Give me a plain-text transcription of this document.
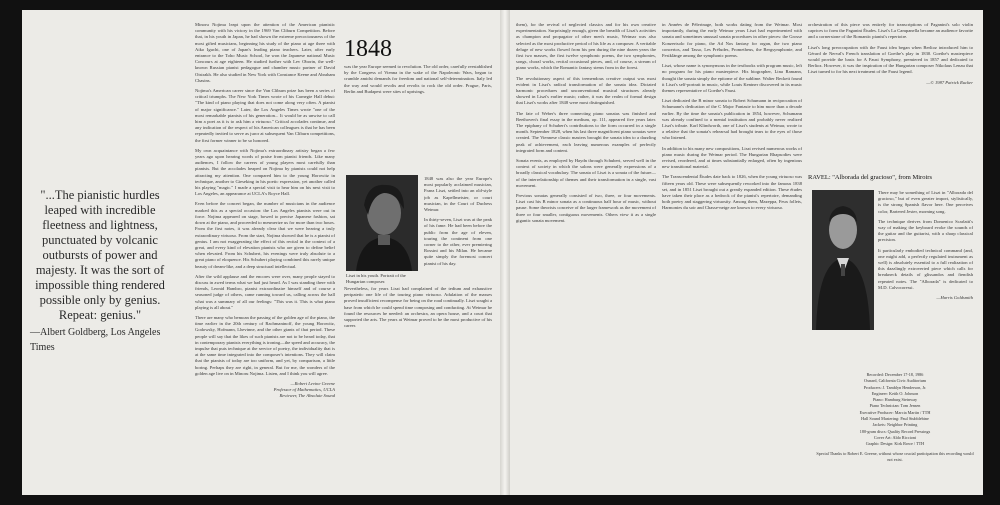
"...The pianistic hurdles leaped with incredible fleetness and lightness, punctuated by volcanic outbursts of power and majesty. It was the sort of impossible thing rendered possible only by genius. Repeat: genius."
—Albert Goldberg, Los Angeles Times

Minoru Nojima leapt upon the attention of the American pianistic community with his victory in the 1969 Van Cliburn Competition. Before that, in his youth in Japan, he had shown the extreme precociousness of the most gifted musicians, beginning his study of the piano at age three with Aiko Iguchi, one of Japan's leading piano teachers. Later, after early entrance to the Toho Music School, he won the Japanese national Music Concours at age eighteen. He studied further with Lev Oborin, the well-known Russian pianist pedagogue and chamber music partner of David Oistrakh. He also studied in New York with Constance Keene and Abraham Chasins.

Nojima's American career since the Van Cliburn prize has been a series of critical triumphs. The New York Times wrote of his Carnegie Hall debut: "The kind of piano playing that does not come along very often. A pianist of major significance." Later, the Los Angeles Times wrote "one of the most remarkable pianists of his generation... It would be as unwise to call him a poet as it is to ask him a virtuoso." Critical accolades continue, and any indication of the respect of his American colleagues is that he has been repeatedly invited to serve as juror at subsequent Van Cliburn competitions, the first former winner to be so honored.

My own acquaintance with Nojima's extraordinary artistry began a few years ago upon hearing words of praise from pianist friends. Like many audiences, I follow the careers of young players most carefully than pianists. But the accolades heaped on Nojima by pianists could not help attracting my attention. One compared him to the young Horowitz in technique, another to Gieseking in his poetic expression, yet another called his playing "magic." I made a special visit to hear him on his next visit to Los Angeles, an appearance at UCLA's Royce Hall.

Even before the concert began, the number of musicians in the audience marked this as a special occasion: the Los Angeles pianists were out in force. Nojima appeared on stage, bowed to precise Japanese fashion, sat down at the piano, and proceeded to mesmerize us for more than two hours. From the first notes, it was already clear that we were hearing a truly extraordinary virtuoso. From the start, Nojima showed that he is a pianist of genius. I am not exaggerating the effect of this recital in the context of a great, and every kind of elevation pianists who are given to define belief when elevated. From his Schubert, his evenings were truly absolute to a great piano of eloquence. His Schubert playing combined this rarely unique beauty of dream-like, and a deep structural intellectual.

After the wild applause and the encores were over, many people stayed to discuss in awed terms what we had just heard. As I was standing there with friends, Leonid Hambro, pianist extraordinaire himself and of course a seasoned judge of others, came running toward us, calling across the hall what was a summary of all our feelings: "This was it. This is what piano playing is all about."

There are many who bemoan the passing of the golden age of the piano, the time earlier in the 20th century of Rachmaninoff, the young Horowitz, Godowsky, Hofmann, Lhevinne, and the other giants of that period. These people will say that the likes of such pianists are not to be heard today, that in contemporary pianists everything is ironing—the speed and accuracy, the impulse that puts technique at the service of poetry, the individuality that is at the same time integrated into the composer's intentions. They will claim that the pianists of today are too uniform, and yet, by comparison, a little boring. Perhaps they are right, in general. But for me, the wonders of the golden age live on in Minoru Nojima. Listen, and I think you will agree.

—Robert Levine Greene
Professor of Mathematics, UCLA
Reviewer, The Absolute Sound
1848

was the year Europe seemed to revolution. The old order, carefully reestablished by the Congress of Vienna in the wake of the Napoleonic Wars, began to crumble amidst demands for freedom and national self-determination. Italy led the way and would revolts and revolts to rock the old order. Prague, Paris, Berlin and Budapest were sites of uprisings.

Liszt in his youth. Portrait of the Hungarian composer.

1848 was also the year Europe's most popularly acclaimed musician, Franz Liszt, settled into an old-style job as Kapellmeister, or court musician, in the Court of Duchess Weimar.

In thirty-seven, Liszt was at the peak of his fame. He had been before the public from the age of eleven, touring the continent from one corner to the other, ever premiering Rossini and his Milan. He became quite simply the foremost concert pianist of his day.

Nevertheless, for years Liszt had complained of the tedium and exhaustive peripatetic one life of the touring piano virtuoso. Adulation of the masses proved insufficient recompense for being on the road continually. Liszt sought a base from which he could spend time composing and conducting. At Weimar he found the resources he needed: an orchestra, an opera house, and a court that supported the arts. The years at Weimar proved to be the most productive of his career.

them), for the revival of neglected classics and for his own creative experimentation. Surprisingly enough, given the breadth of Liszt's activities as champion and propagator of other men's music, Weimar was also selected as the most productive period of his life as a composer. A veritable deluge of new works flowed from his pen during the nine dozen years the first two masses, the first twelve symphonic poems, the two symphonies, songs, choral works, recital occasional pieces, and, of course, a stream of piano works, which the Romantic fantasy stems from in the forest.

The revolutionary aspect of this tremendous creative output was most evident in Liszt's radical transformation of the sonata idea. Dictated harmonic procedures and unconventional musical structures already showed in Liszt's earlier music; rather, it was the realm of formal design that Liszt's works after 1848 were most distinguished.

The fate of Weber's three connecting piano sonatas was finished and Beethoven's final essay in the medium, op. 111, appeared five years later. The epiphany of Schubert's contributions to the form occurred in a single month. September 1828, when his last three magnificent piano sonatas were created. The Viennese classic masters brought the sonata idea to a dazzling peak of achievement, each leaving numerous examples of perfectly integrated form and content.

Sonata events, as employed by Haydn through Schubert, served well in the context of society in which the salons were generally expressions of a broadly classical vocabulary. The sonata of Liszt is a sonata of the future—of the interrelationship of themes and their transformation in a single, vast movement.

Previous sonatas generally consisted of two, three, or four movements. Liszt cast his B minor sonata as a continuous half hour of music, without pause. Some theorists conceive of the larger framework as the movement of three or four smaller, contiguous movements. Others view it as a single gigantic sonata movement.

in Années de Pèlerinage, both works dating from the Weimar. Most importantly, during the early Weimar years Liszt had experimented with sonata and sometimes unusual sonata procedures in other pieces: the Grosse Konzertsolo for piano, the Ad Nos fantasy for organ, the two piano concertos, and Tasso, Les Préludes, Prometheus, the Bergsymphonie, and Festklänge among the symphonic poems.

Liszt, whose name is synonymous in the textbooks with program music, left no program for his piano masterpiece. His biographer, Lina Ramann, thought the sonata simply the epitome of the sublime. Walter Beckett found it Liszt's self-portrait in music, while Louis Kentner discovered in its music themes representative of Goethe's Faust.

Liszt dedicated the B minor sonata to Robert Schumann in reciprocation of Schumann's dedication of the C Major Fantasie to him more than a decade earlier. By the time the sonata's publication in 1854, however, Schumann was already confined to a mental institution and probably never realized Liszt's tribute. Karl Klindworth, one of Liszt's students at Weimar, wrote to a relative that the sonata's rehearsal had brought tears to the eyes of those who listened.

In addition to his many new compositions, Liszt revised numerous works of piano music during the Weimar period. The Hungarian Rhapsodies were revised, reordered, and at times substantially enlarged, often by ingenious new transitional material.

The Transcendental Études date back to 1826, when the young virtuoso was fifteen years old. These were subsequently reworked into the famous 1838 set, and in 1851 Liszt brought out a greatly expanded edition. These études have taken their place as a bedrock of the pianist's repertoire, demanding both poetry and staggering virtuosity. Among them, Mazeppa, Feux follets, Harmonies du soir and Chasse-neige are known to every virtuoso.

orchestration of this piece was entirely for transcriptions of Paganini's solo violin caprices to form the Paganini Études. Liszt's La Campanella became an audience favorite and a cornerstone of the Romantic pianist's repertoire.

Liszt's long preoccupation with the Faust idea began when Berlioz introduced him to Gérard de Nerval's French translation of Goethe's play in 1830. Goethe's masterpiece would provide the basis for A Faust Symphony, premiered in 1857 and dedicated to Berlioz. However, it was the inspiration of the Hungarian composer Nikolaus Lenau that Liszt turned to for his next treatment of the Faust legend.

—© 1987 Patrick Rucker
RAVEL: "Alborada del gracioso", from Miroirs

There may be something of Liszt in "Alborada del gracioso," but of even greater import, stylistically, is the strong Spanish flavor here. One perceives color, Bartered Jester, morning song.

The technique derives from Domenico Scarlatti's way of making the keyboard evoke the sounds of the guitar and the guitarist, with a sharp classical precision.

It particularly embodied technical command (and, one might add, a perfectly regulated instrument as well) is absolutely essential to a full realization of this dazzlingly extroverted piece which calls for breakneck details of glissandos and fiendish repeated notes. The "Alborada" is dedicated to M.D. Calvocoressi.

—Harris Goldsmith
Recorded: December 17-18, 1986
Oxnard, California Civic Auditorium
Producers: J. Tamblyn Henderson, Jr.
Engineer: Keith O. Johnson
Piano: Hamburg Steinway
Piano Technician: Tom Jensen
Executive Producer: Marcia Martin / TTH
Hall Sound Mastering: Paul Stubblebine
Jackets: Neighbor Printing
180-gram discs: Quality Record Pressings
Cover Art: Aldo Riccioni
Graphic Design: Kirk Rowe / TTH
Special Thanks to Robert E. Greene, without whose crucial participation this recording would not exist.
